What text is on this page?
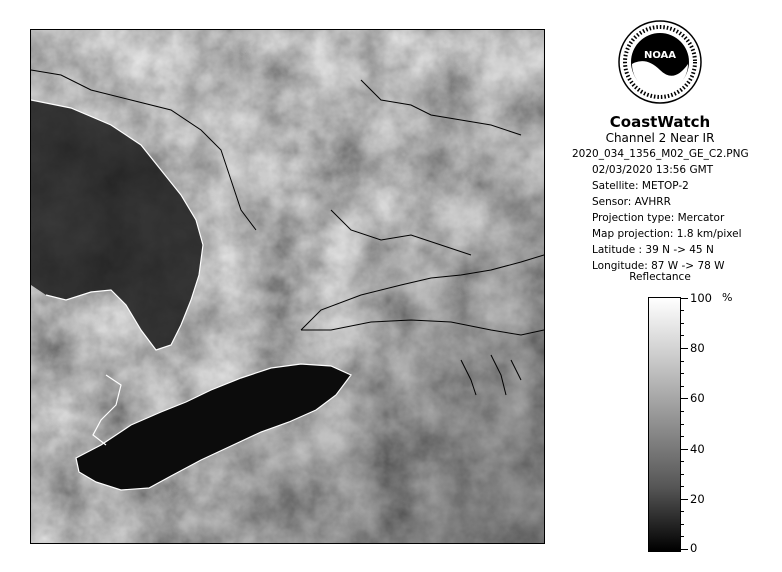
NOAA
CoastWatch
Channel 2 Near IR
2020_034_1356_M02_GE_C2.PNG
02/03/2020 13:56 GMT
Satellite: METOP-2
Sensor: AVHRR
Projection type: Mercator
Map projection: 1.8 km/pixel
Latitude : 39 N -> 45 N
Longitude: 87 W -> 78 W
Reflectance
%
100
80
60
40
20
0
